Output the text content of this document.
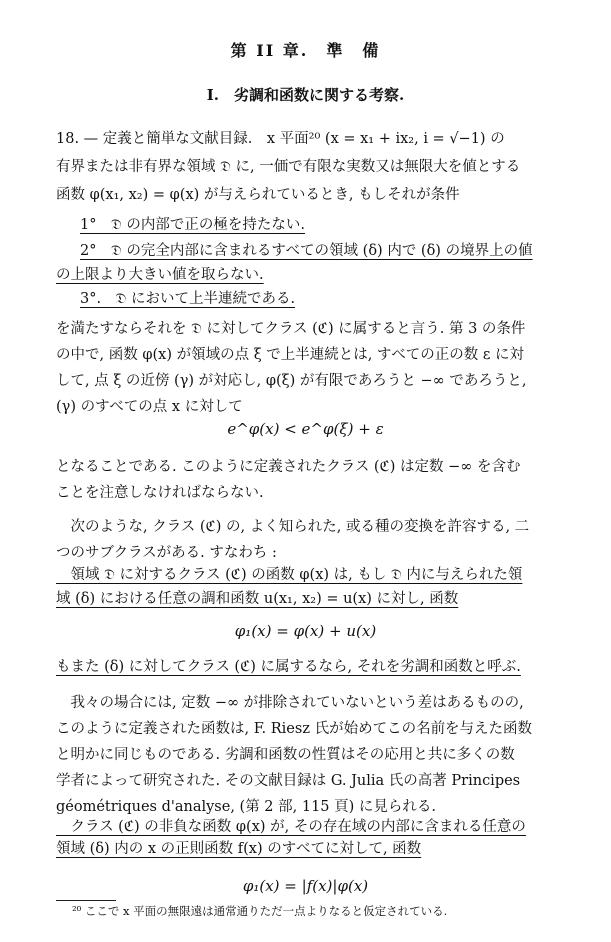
第 II 章.　準　備
I.　劣調和函数に関する考察.
18. — 定義と簡単な文献目録.　x 平面²⁰ (x = x₁ + ix₂, i = √−1) の
有界または非有界な領域 𝔇 に, 一価で有限な実数又は無限大を値とする
函数 φ(x₁, x₂) = φ(x) が与えられているとき, もしそれが条件
1°　𝔇 の内部で正の極を持たない.
2°　𝔇 の完全内部に含まれるすべての領域 (δ) 内で (δ) の境界上の値
の上限より大きい値を取らない.
3°.　𝔇 において上半連続である.
を満たすならそれを 𝔇 に対してクラス (ℭ) に属すると言う. 第 3 の条件
の中で, 函数 φ(x) が領域の点 ξ で上半連続とは, すべての正の数 ε に対
して, 点 ξ の近傍 (γ) が対応し, φ(ξ) が有限であろうと −∞ であろうと,
(γ) のすべての点 x に対して
となることである. このように定義されたクラス (ℭ) は定数 −∞ を含む
ことを注意しなければならない.
　次のような, クラス (ℭ) の, よく知られた, 或る種の変換を許容する, 二
つのサブクラスがある. すなわち :
　領域 𝔇 に対するクラス (ℭ) の函数 φ(x) は, もし 𝔇 内に与えられた領
域 (δ) における任意の調和函数 u(x₁, x₂) = u(x) に対し, 函数
もまた (δ) に対してクラス (ℭ) に属するなら, それを劣調和函数と呼ぶ.
　我々の場合には, 定数 −∞ が排除されていないという差はあるものの,
このように定義された函数は, F. Riesz 氏が始めてこの名前を与えた函数
と明かに同じものである. 劣調和函数の性質はその応用と共に多くの数
学者によって研究された. その文献目録は G. Julia 氏の高著 Principes
géométriques d'analyse, (第 2 部, 115 頁) に見られる.
　クラス (ℭ) の非負な函数 φ(x) が, その存在域の内部に含まれる任意の
領域 (δ) 内の x の正則函数 f(x) のすべてに対して, 函数
e^φ(x) < e^φ(ξ) + ε
φ₁(x) = φ(x) + u(x)
φ₁(x) = |f(x)|φ(x)
²⁰ ここで x 平面の無限遠は通常通りただ一点よりなると仮定されている.
